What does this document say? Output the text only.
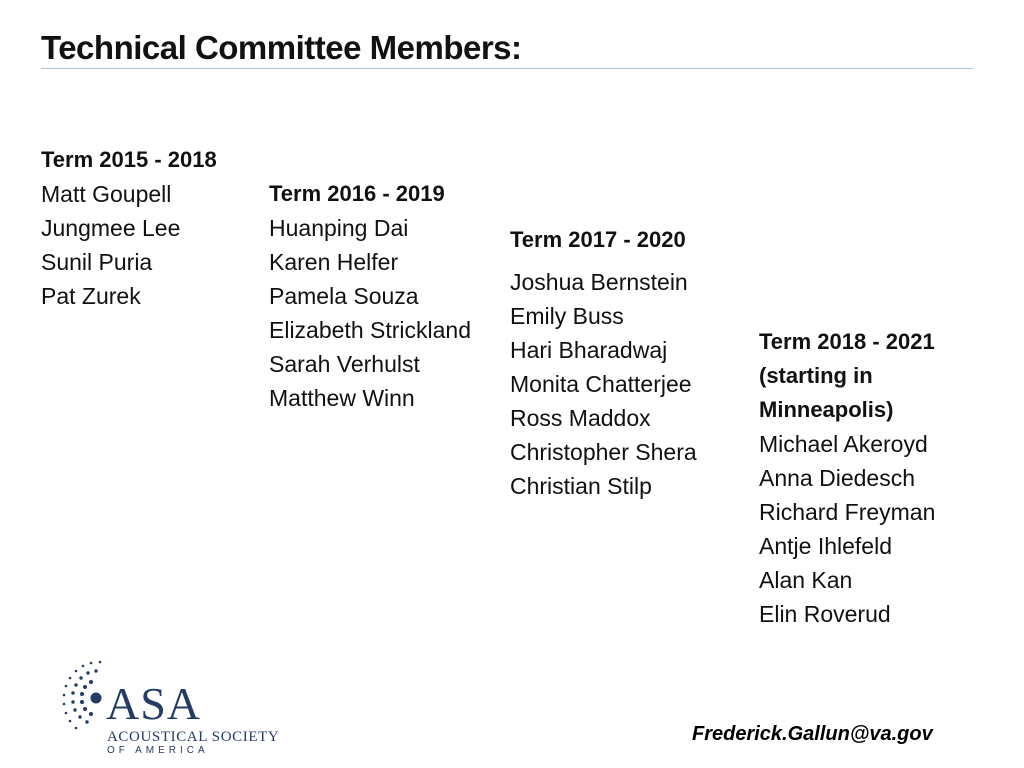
Technical Committee Members:
Term 2015 - 2018
Matt Goupell
Jungmee Lee
Sunil Puria
Pat Zurek
Term 2016 - 2019
Huanping Dai
Karen Helfer
Pamela Souza
Elizabeth Strickland
Sarah Verhulst
Matthew Winn
Term 2017 - 2020
Joshua Bernstein
Emily Buss
Hari Bharadwaj
Monita Chatterjee
Ross Maddox
Christopher Shera
Christian Stilp
Term 2018 - 2021
(starting in
Minneapolis)
Michael Akeroyd
Anna Diedesch
Richard Freyman
Antje Ihlefeld
Alan Kan
Elin Roverud
ASA
ACOUSTICAL SOCIETY
OF AMERICA
Frederick.Gallun@va.gov
